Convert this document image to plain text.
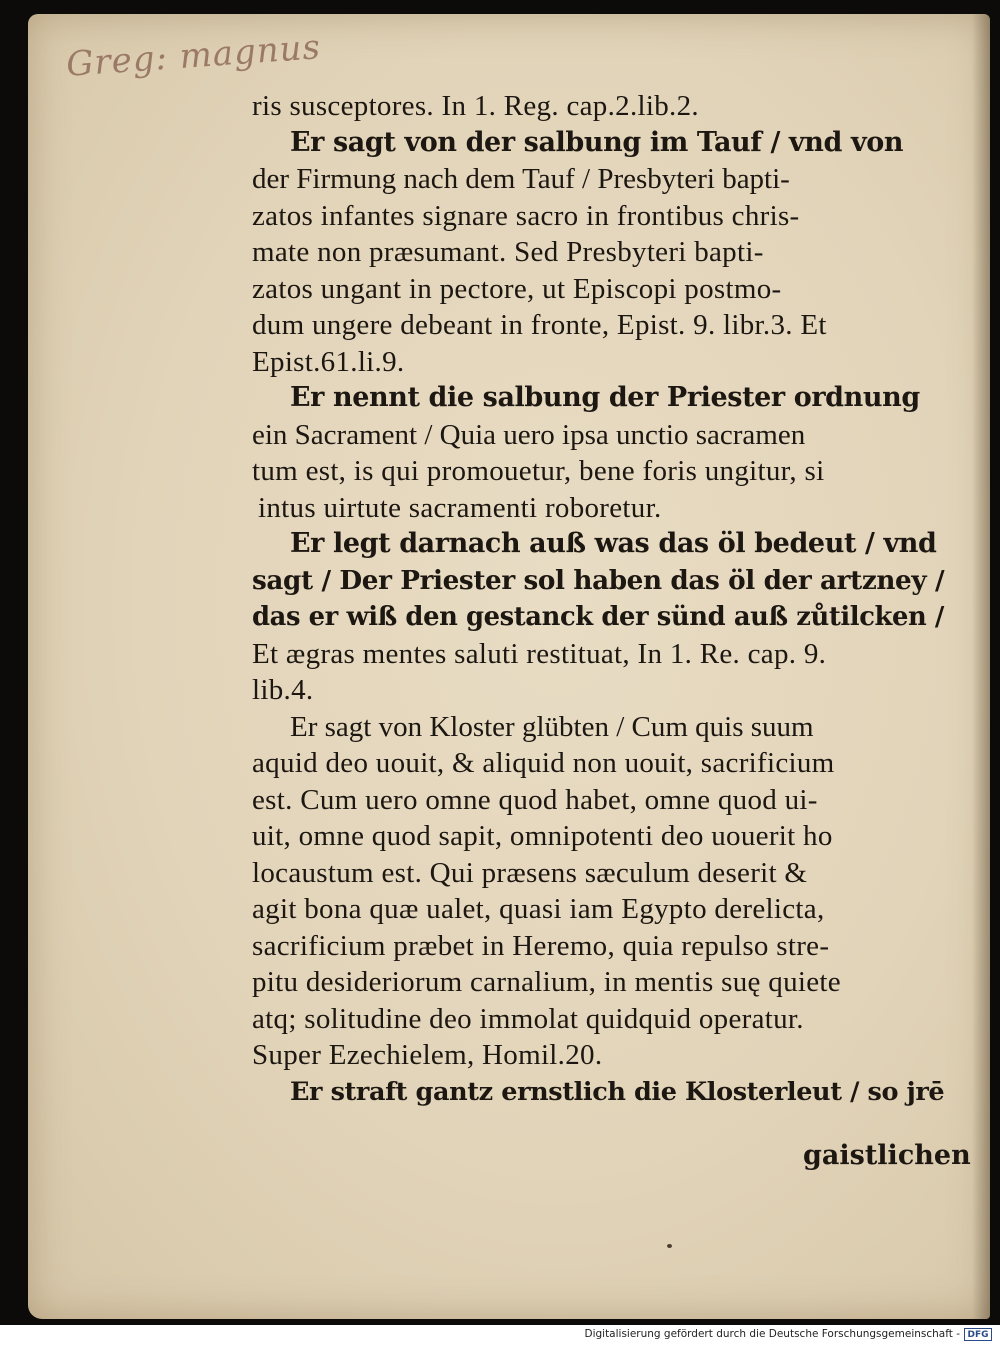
Greg: magnus
ris susceptores. In 1. Reg. cap.2.lib.2.
Er sagt von der salbung im Tauf / vnd von
der Firmung nach dem Tauf / Presbyteri bapti-
zatos infantes signare sacro in frontibus chris-
mate non præsumant. Sed Presbyteri bapti-
zatos ungant in pectore, ut Episcopi postmo-
dum ungere debeant in fronte, Epist. 9. libr.3. Et
Epist.61.li.9.
Er nennt die salbung der Priester ordnung
ein Sacrament / Quia uero ipsa unctio sacramen
tum est, is qui promouetur, bene foris ungitur, si
intus uirtute sacramenti roboretur.
Er legt darnach auß was das öl bedeut / vnd
sagt / Der Priester sol haben das öl der artzney /
das er wiß den gestanck der sünd auß zůtilcken /
Et ægras mentes saluti restituat, In 1. Re. cap. 9.
lib.4.
Er sagt von Kloster glübten / Cum quis suum
aquid deo uouit, & aliquid non uouit, sacrificium
est. Cum uero omne quod habet, omne quod ui-
uit, omne quod sapit, omnipotenti deo uouerit ho
locaustum est. Qui præsens sæculum deserit &
agit bona quæ ualet, quasi iam Egypto derelicta,
sacrificium præbet in Heremo, quia repulso stre-
pitu desideriorum carnalium, in mentis suę quiete
atq; solitudine deo immolat quidquid operatur.
Super Ezechielem, Homil.20.
Er straft gantz ernstlich die Klosterleut / so jrē
gaistlichen
Digitalisierung gefördert durch die Deutsche Forschungsgemeinschaft - DFG
